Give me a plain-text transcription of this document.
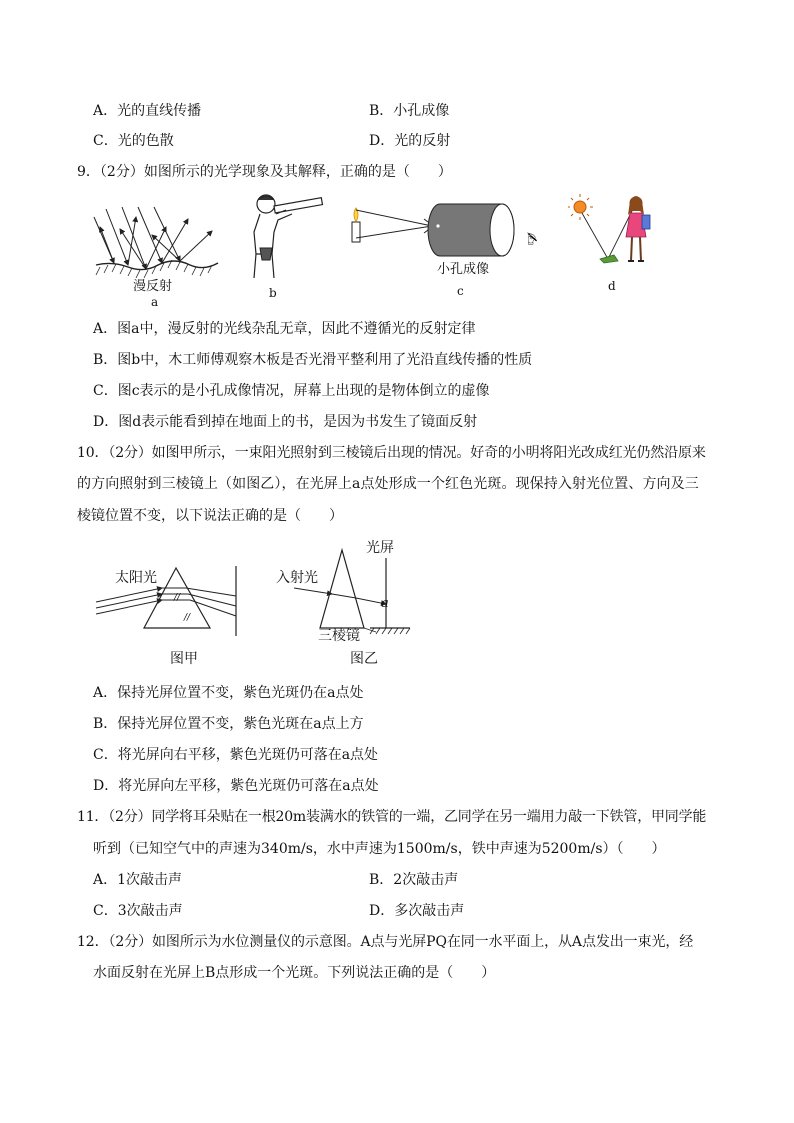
A．光的直线传播	B．小孔成像
C．光的色散	D．光的反射
9．（2分）如图所示的光学现象及其解释，正确的是（　　）
漫反射
a
b
✍
小孔成像
c	d
A．图a中，漫反射的光线杂乱无章，因此不遵循光的反射定律
B．图b中，木工师傅观察木板是否光滑平整利用了光沿直线传播的性质
C．图c表示的是小孔成像情况，屏幕上出现的是物体倒立的虚像
D．图d表示能看到掉在地面上的书，是因为书发生了镜面反射
10．（2分）如图甲所示，一束阳光照射到三棱镜后出现的情况。好奇的小明将阳光改成红光仍然沿原来
的方向照射到三棱镜上（如图乙），在光屏上a点处形成一个红色光斑。现保持入射光位置、方向及三
棱镜位置不变，以下说法正确的是（　　）
//
//
太阳光
图甲
光屏
入射光
a
三棱镜
图乙
A．保持光屏位置不变，紫色光斑仍在a点处
B．保持光屏位置不变，紫色光斑在a点上方
C．将光屏向右平移，紫色光斑仍可落在a点处
D．将光屏向左平移，紫色光斑仍可落在a点处
11．（2分）同学将耳朵贴在一根20m装满水的铁管的一端，乙同学在另一端用力敲一下铁管，甲同学能
听到（已知空气中的声速为340m/s，水中声速为1500m/s，铁中声速为5200m/s）（　　）
A．1次敲击声	B．2次敲击声
C．3次敲击声	D．多次敲击声
12．（2分）如图所示为水位测量仪的示意图。A点与光屏PQ在同一水平面上，从A点发出一束光，经
水面反射在光屏上B点形成一个光斑。下列说法正确的是（　　）
